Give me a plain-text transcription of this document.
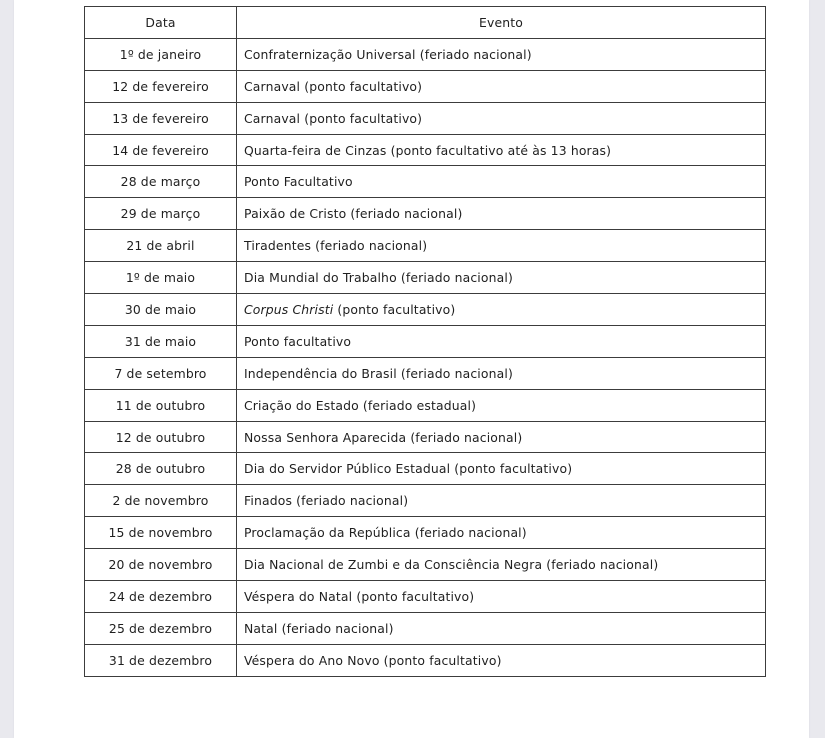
Data	Evento
1º de janeiro	Confraternização Universal (feriado nacional)
12 de fevereiro	Carnaval (ponto facultativo)
13 de fevereiro	Carnaval (ponto facultativo)
14 de fevereiro	Quarta-feira de Cinzas (ponto facultativo até às 13 horas)
28 de março	Ponto Facultativo
29 de março	Paixão de Cristo (feriado nacional)
21 de abril	Tiradentes (feriado nacional)
1º de maio	Dia Mundial do Trabalho (feriado nacional)
30 de maio	Corpus Christi (ponto facultativo)
31 de maio	Ponto facultativo
7 de setembro	Independência do Brasil (feriado nacional)
11 de outubro	Criação do Estado (feriado estadual)
12 de outubro	Nossa Senhora Aparecida (feriado nacional)
28 de outubro	Dia do Servidor Público Estadual (ponto facultativo)
2 de novembro	Finados (feriado nacional)
15 de novembro	Proclamação da República (feriado nacional)
20 de novembro	Dia Nacional de Zumbi e da Consciência Negra (feriado nacional)
24 de dezembro	Véspera do Natal (ponto facultativo)
25 de dezembro	Natal (feriado nacional)
31 de dezembro	Véspera do Ano Novo (ponto facultativo)
